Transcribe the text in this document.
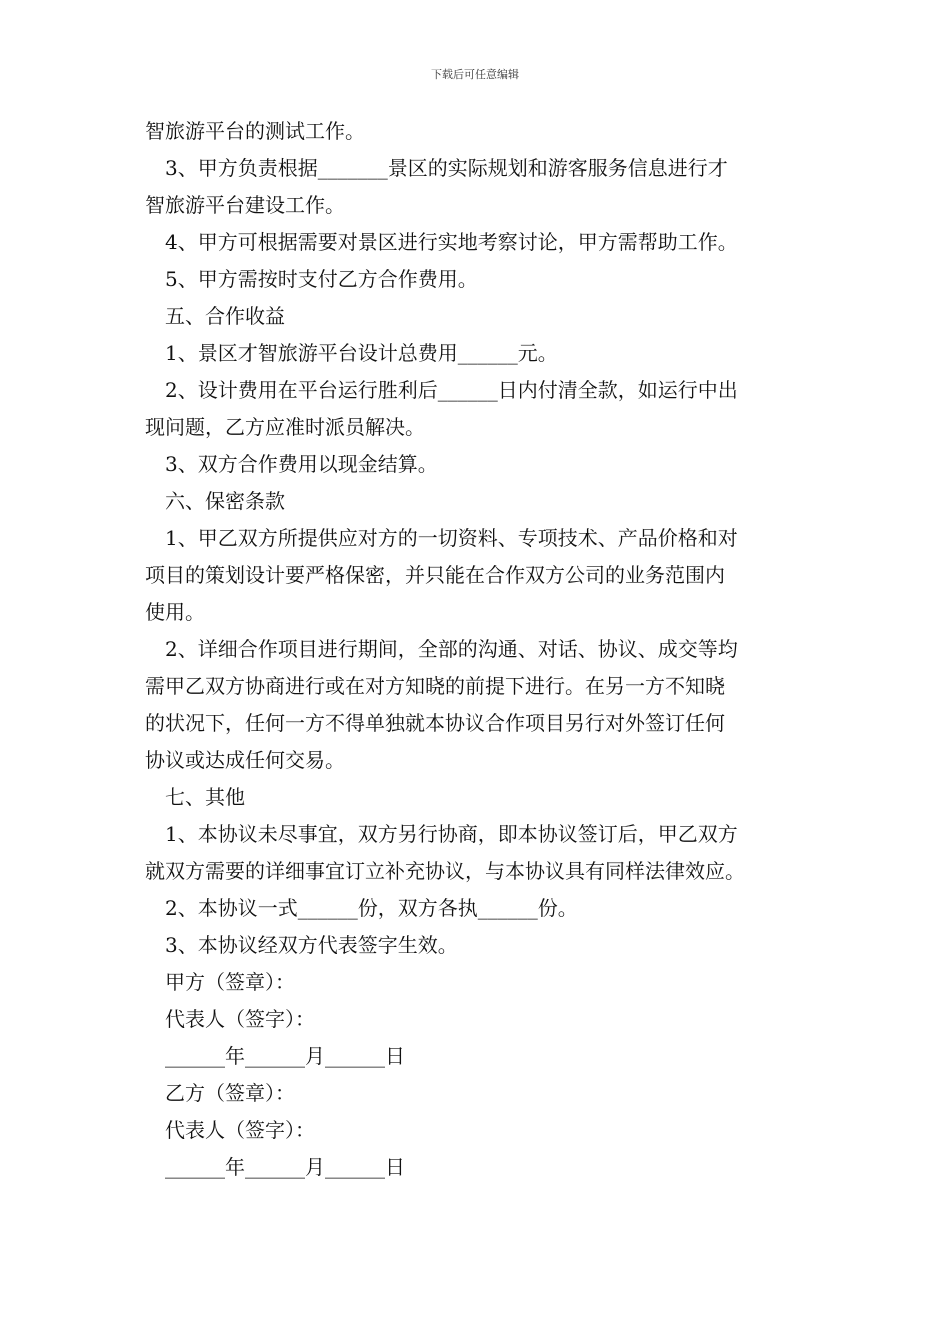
下载后可任意编辑

智旅游平台的测试工作。

3、甲方负责根据_______景区的实际规划和游客服务信息进行才

智旅游平台建设工作。

4、甲方可根据需要对景区进行实地考察讨论，甲方需帮助工作。

5、甲方需按时支付乙方合作费用。

五、合作收益

1、景区才智旅游平台设计总费用______元。

2、设计费用在平台运行胜利后______日内付清全款，如运行中出

现问题，乙方应准时派员解决。

3、双方合作费用以现金结算。

六、保密条款

1、甲乙双方所提供应对方的一切资料、专项技术、产品价格和对

项目的策划设计要严格保密，并只能在合作双方公司的业务范围内

使用。

2、详细合作项目进行期间，全部的沟通、对话、协议、成交等均

需甲乙双方协商进行或在对方知晓的前提下进行。在另一方不知晓

的状况下，任何一方不得单独就本协议合作项目另行对外签订任何

协议或达成任何交易。

七、其他

1、本协议未尽事宜，双方另行协商，即本协议签订后，甲乙双方

就双方需要的详细事宜订立补充协议，与本协议具有同样法律效应。

2、本协议一式______份，双方各执______份。

3、本协议经双方代表签字生效。

甲方（签章）：

代表人（签字）：

______年______月______日

乙方（签章）：

代表人（签字）：

______年______月______日
